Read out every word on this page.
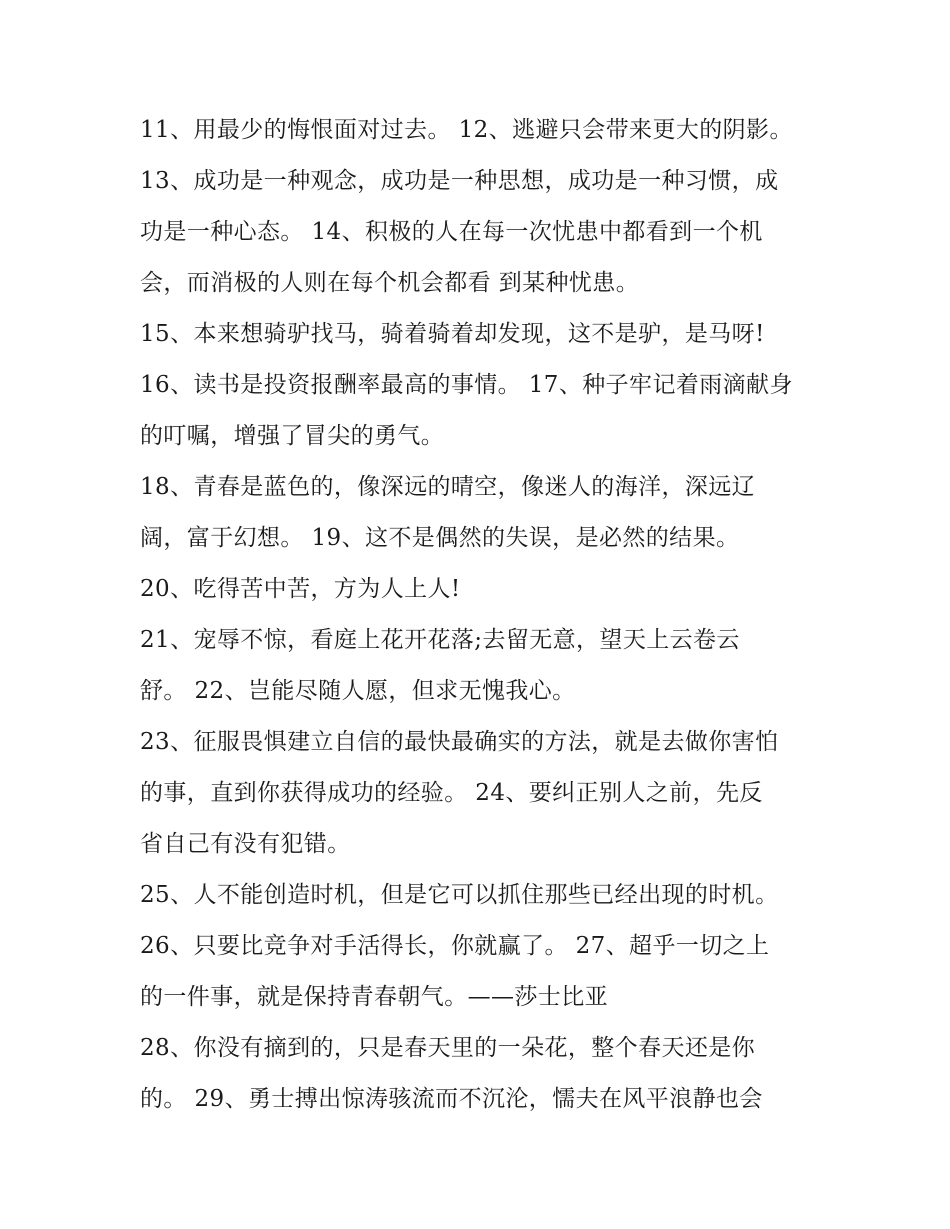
11、用最少的悔恨面对过去。 12、逃避只会带来更大的阴影。
13、成功是一种观念，成功是一种思想，成功是一种习惯，成
功是一种心态。 14、积极的人在每一次忧患中都看到一个机
会，而消极的人则在每个机会都看 到某种忧患。
15、本来想骑驴找马，骑着骑着却发现，这不是驴，是马呀!
16、读书是投资报酬率最高的事情。 17、种子牢记着雨滴献身
的叮嘱，增强了冒尖的勇气。
18、青春是蓝色的，像深远的晴空，像迷人的海洋，深远辽
阔，富于幻想。 19、这不是偶然的失误，是必然的结果。
20、吃得苦中苦，方为人上人!
21、宠辱不惊，看庭上花开花落;去留无意，望天上云卷云
舒。 22、岂能尽随人愿，但求无愧我心。
23、征服畏惧建立自信的最快最确实的方法，就是去做你害怕
的事，直到你获得成功的经验。 24、要纠正别人之前，先反
省自己有没有犯错。
25、人不能创造时机，但是它可以抓住那些已经出现的时机。
26、只要比竞争对手活得长，你就赢了。 27、超乎一切之上
的一件事，就是保持青春朝气。——莎士比亚
28、你没有摘到的，只是春天里的一朵花，整个春天还是你
的。 29、勇士搏出惊涛骇流而不沉沦，懦夫在风平浪静也会
